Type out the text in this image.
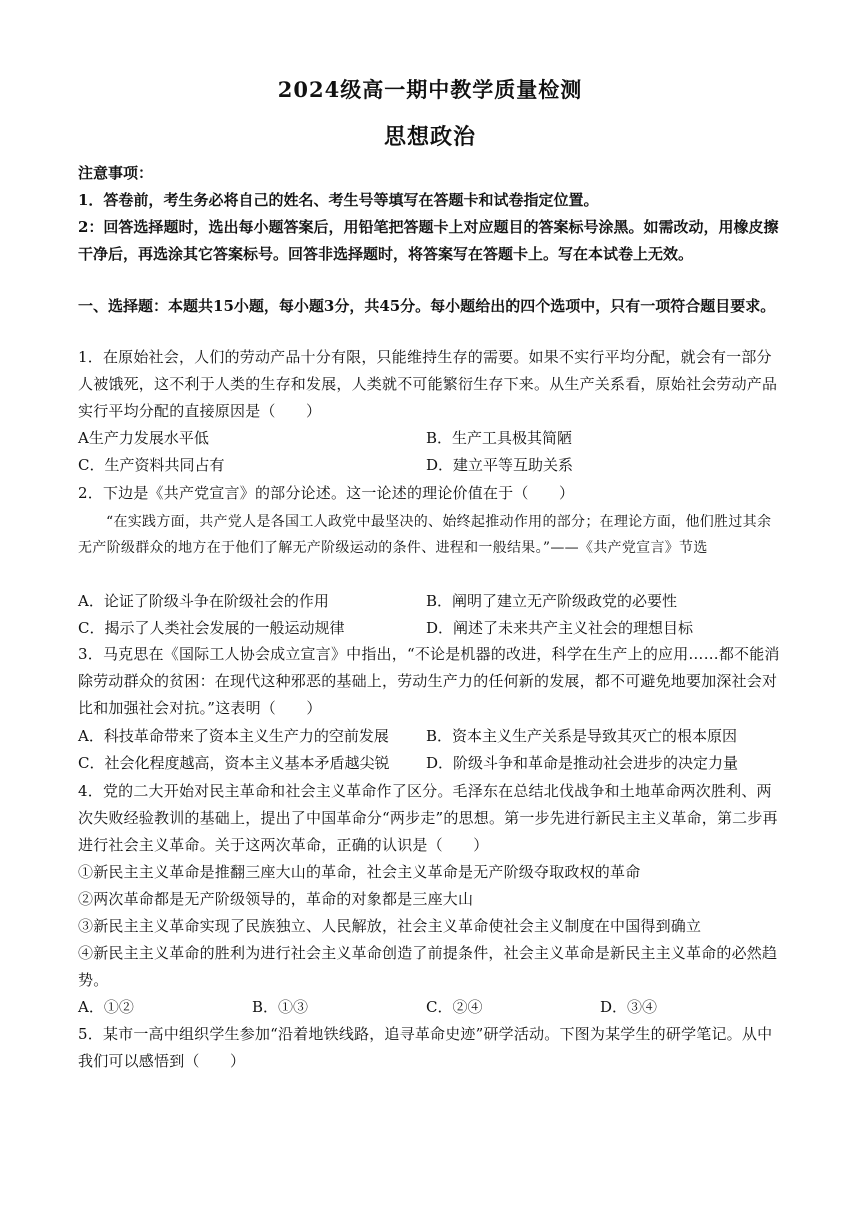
2024级高一期中教学质量检测
思想政治
注意事项：
1．答卷前，考生务必将自己的姓名、考生号等填写在答题卡和试卷指定位置。
2：回答选择题时，选出每小题答案后，用铅笔把答题卡上对应题目的答案标号涂黑。如需改动，用橡皮擦干净后，再选涂其它答案标号。回答非选择题时，将答案写在答题卡上。写在本试卷上无效。
一、选择题：本题共15小题，每小题3分，共45分。每小题给出的四个选项中，只有一项符合题目要求。
1．在原始社会，人们的劳动产品十分有限，只能维持生存的需要。如果不实行平均分配，就会有一部分人被饿死，这不利于人类的生存和发展，人类就不可能繁衍生存下来。从生产关系看，原始社会劳动产品实行平均分配的直接原因是（　　）
A生产力发展水平低	B．生产工具极其简陋
C．生产资料共同占有	D．建立平等互助关系
2．下边是《共产党宣言》的部分论述。这一论述的理论价值在于（　　）
“在实践方面，共产党人是各国工人政党中最坚决的、始终起推动作用的部分；在理论方面，他们胜过其余无产阶级群众的地方在于他们了解无产阶级运动的条件、进程和一般结果。”——《共产党宣言》节选
A．论证了阶级斗争在阶级社会的作用	B．阐明了建立无产阶级政党的必要性
C．揭示了人类社会发展的一般运动规律	D．阐述了未来共产主义社会的理想目标
3．马克思在《国际工人协会成立宣言》中指出，“不论是机器的改进，科学在生产上的应用……都不能消除劳动群众的贫困：在现代这种邪恶的基础上，劳动生产力的任何新的发展，都不可避免地要加深社会对比和加强社会对抗。”这表明（　　）
A．科技革命带来了资本主义生产力的空前发展	B．资本主义生产关系是导致其灭亡的根本原因
C．社会化程度越高，资本主义基本矛盾越尖锐	D．阶级斗争和革命是推动社会进步的决定力量
4．党的二大开始对民主革命和社会主义革命作了区分。毛泽东在总结北伐战争和土地革命两次胜利、两次失败经验教训的基础上，提出了中国革命分“两步走”的思想。第一步先进行新民主主义革命，第二步再进行社会主义革命。关于这两次革命，正确的认识是（　　）
①新民主主义革命是推翻三座大山的革命，社会主义革命是无产阶级夺取政权的革命
②两次革命都是无产阶级领导的，革命的对象都是三座大山
③新民主主义革命实现了民族独立、人民解放，社会主义革命使社会主义制度在中国得到确立
④新民主主义革命的胜利为进行社会主义革命创造了前提条件，社会主义革命是新民主主义革命的必然趋势。
A．①②	B．①③	C．②④	D．③④
5．某市一高中组织学生参加“沿着地铁线路，追寻革命史迹”研学活动。下图为某学生的研学笔记。从中我们可以感悟到（　　）
